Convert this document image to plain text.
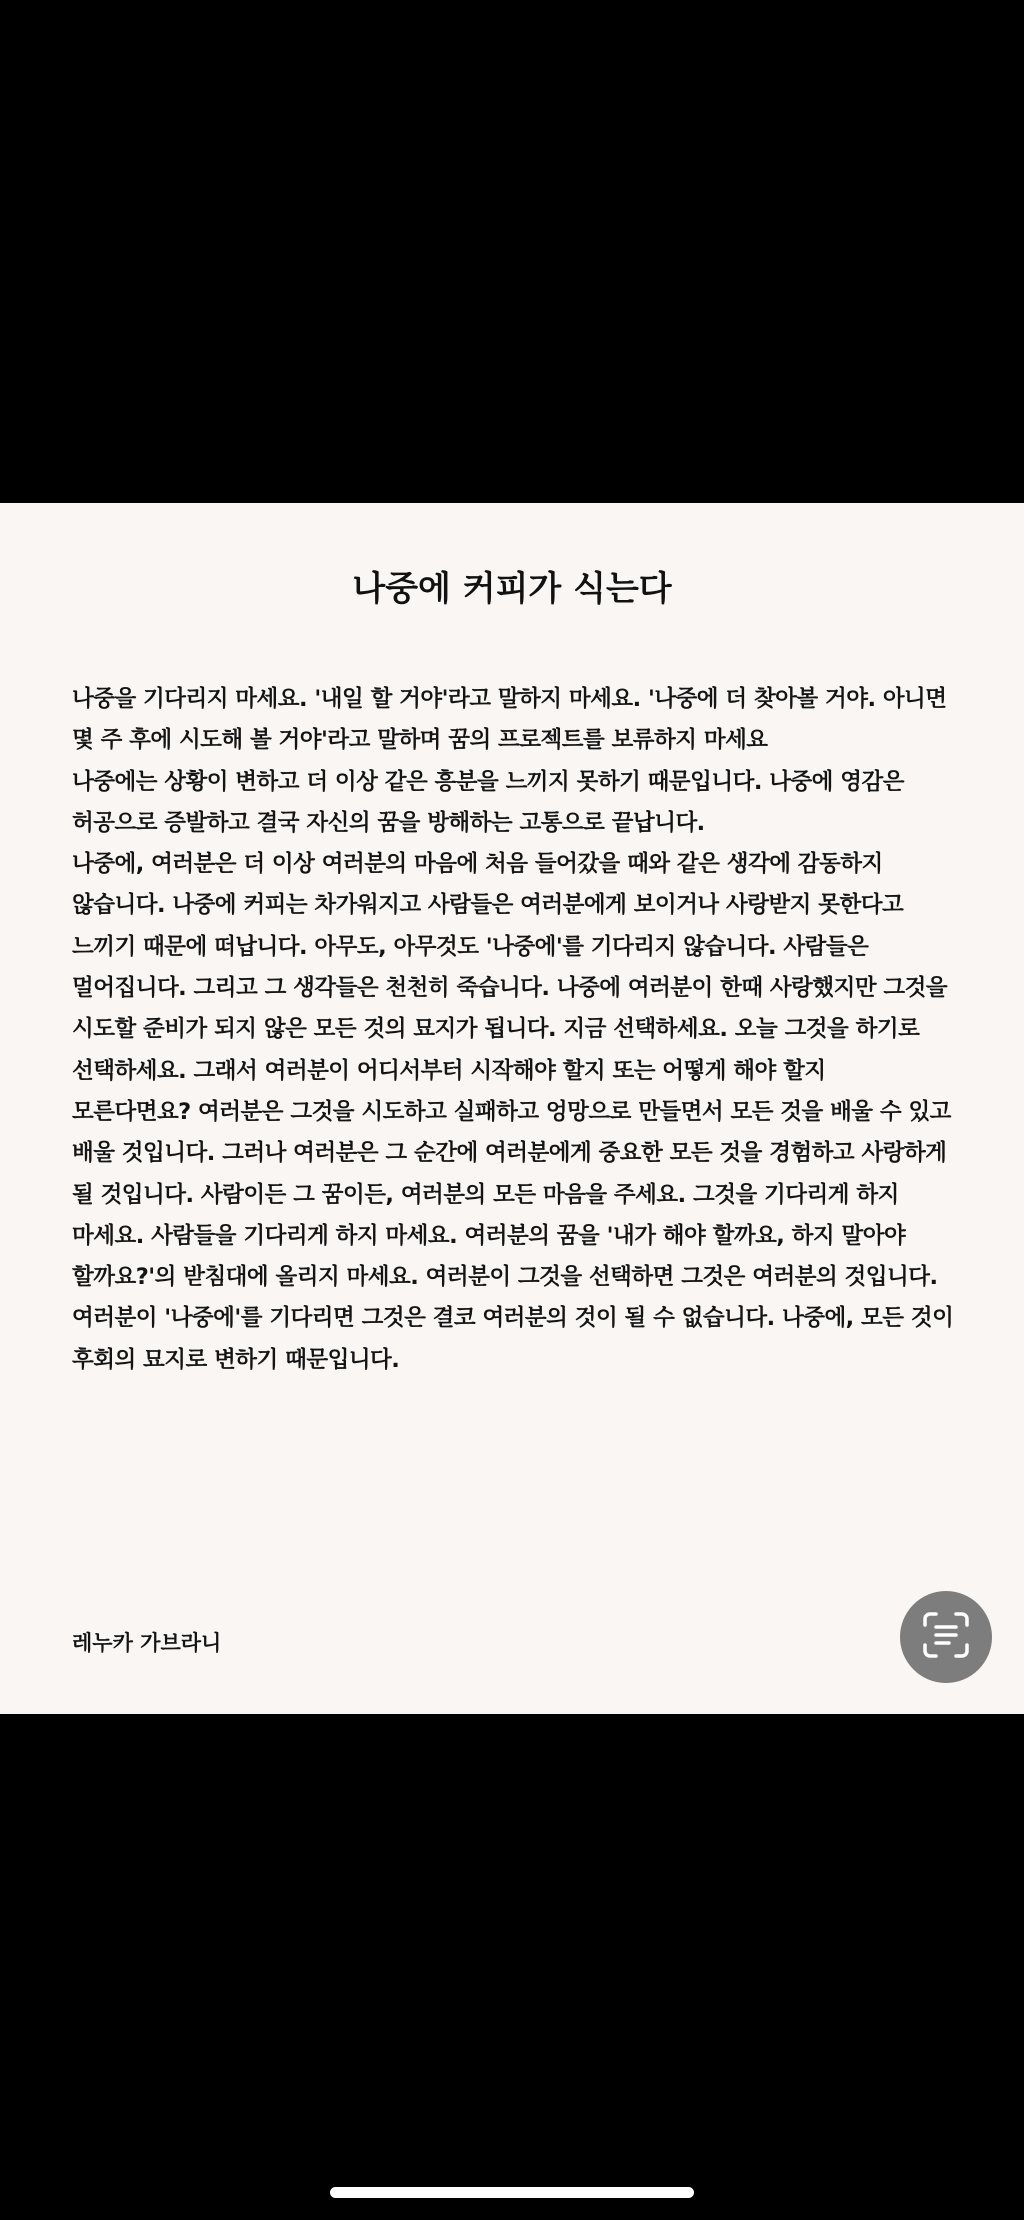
나중에 커피가 식는다
나중을 기다리지 마세요. '내일 할 거야'라고 말하지 마세요. '나중에 더 찾아볼 거야. 아니면
몇 주 후에 시도해 볼 거야'라고 말하며 꿈의 프로젝트를 보류하지 마세요
나중에는 상황이 변하고 더 이상 같은 흥분을 느끼지 못하기 때문입니다. 나중에 영감은
허공으로 증발하고 결국 자신의 꿈을 방해하는 고통으로 끝납니다.
나중에, 여러분은 더 이상 여러분의 마음에 처음 들어갔을 때와 같은 생각에 감동하지
않습니다. 나중에 커피는 차가워지고 사람들은 여러분에게 보이거나 사랑받지 못한다고
느끼기 때문에 떠납니다. 아무도, 아무것도 '나중에'를 기다리지 않습니다. 사람들은
멀어집니다. 그리고 그 생각들은 천천히 죽습니다. 나중에 여러분이 한때 사랑했지만 그것을
시도할 준비가 되지 않은 모든 것의 묘지가 됩니다. 지금 선택하세요. 오늘 그것을 하기로
선택하세요. 그래서 여러분이 어디서부터 시작해야 할지 또는 어떻게 해야 할지
모른다면요? 여러분은 그것을 시도하고 실패하고 엉망으로 만들면서 모든 것을 배울 수 있고
배울 것입니다. 그러나 여러분은 그 순간에 여러분에게 중요한 모든 것을 경험하고 사랑하게
될 것입니다. 사람이든 그 꿈이든, 여러분의 모든 마음을 주세요. 그것을 기다리게 하지
마세요. 사람들을 기다리게 하지 마세요. 여러분의 꿈을 '내가 해야 할까요, 하지 말아야
할까요?'의 받침대에 올리지 마세요. 여러분이 그것을 선택하면 그것은 여러분의 것입니다.
여러분이 '나중에'를 기다리면 그것은 결코 여러분의 것이 될 수 없습니다. 나중에, 모든 것이
후회의 묘지로 변하기 때문입니다.
레누카 가브라니
